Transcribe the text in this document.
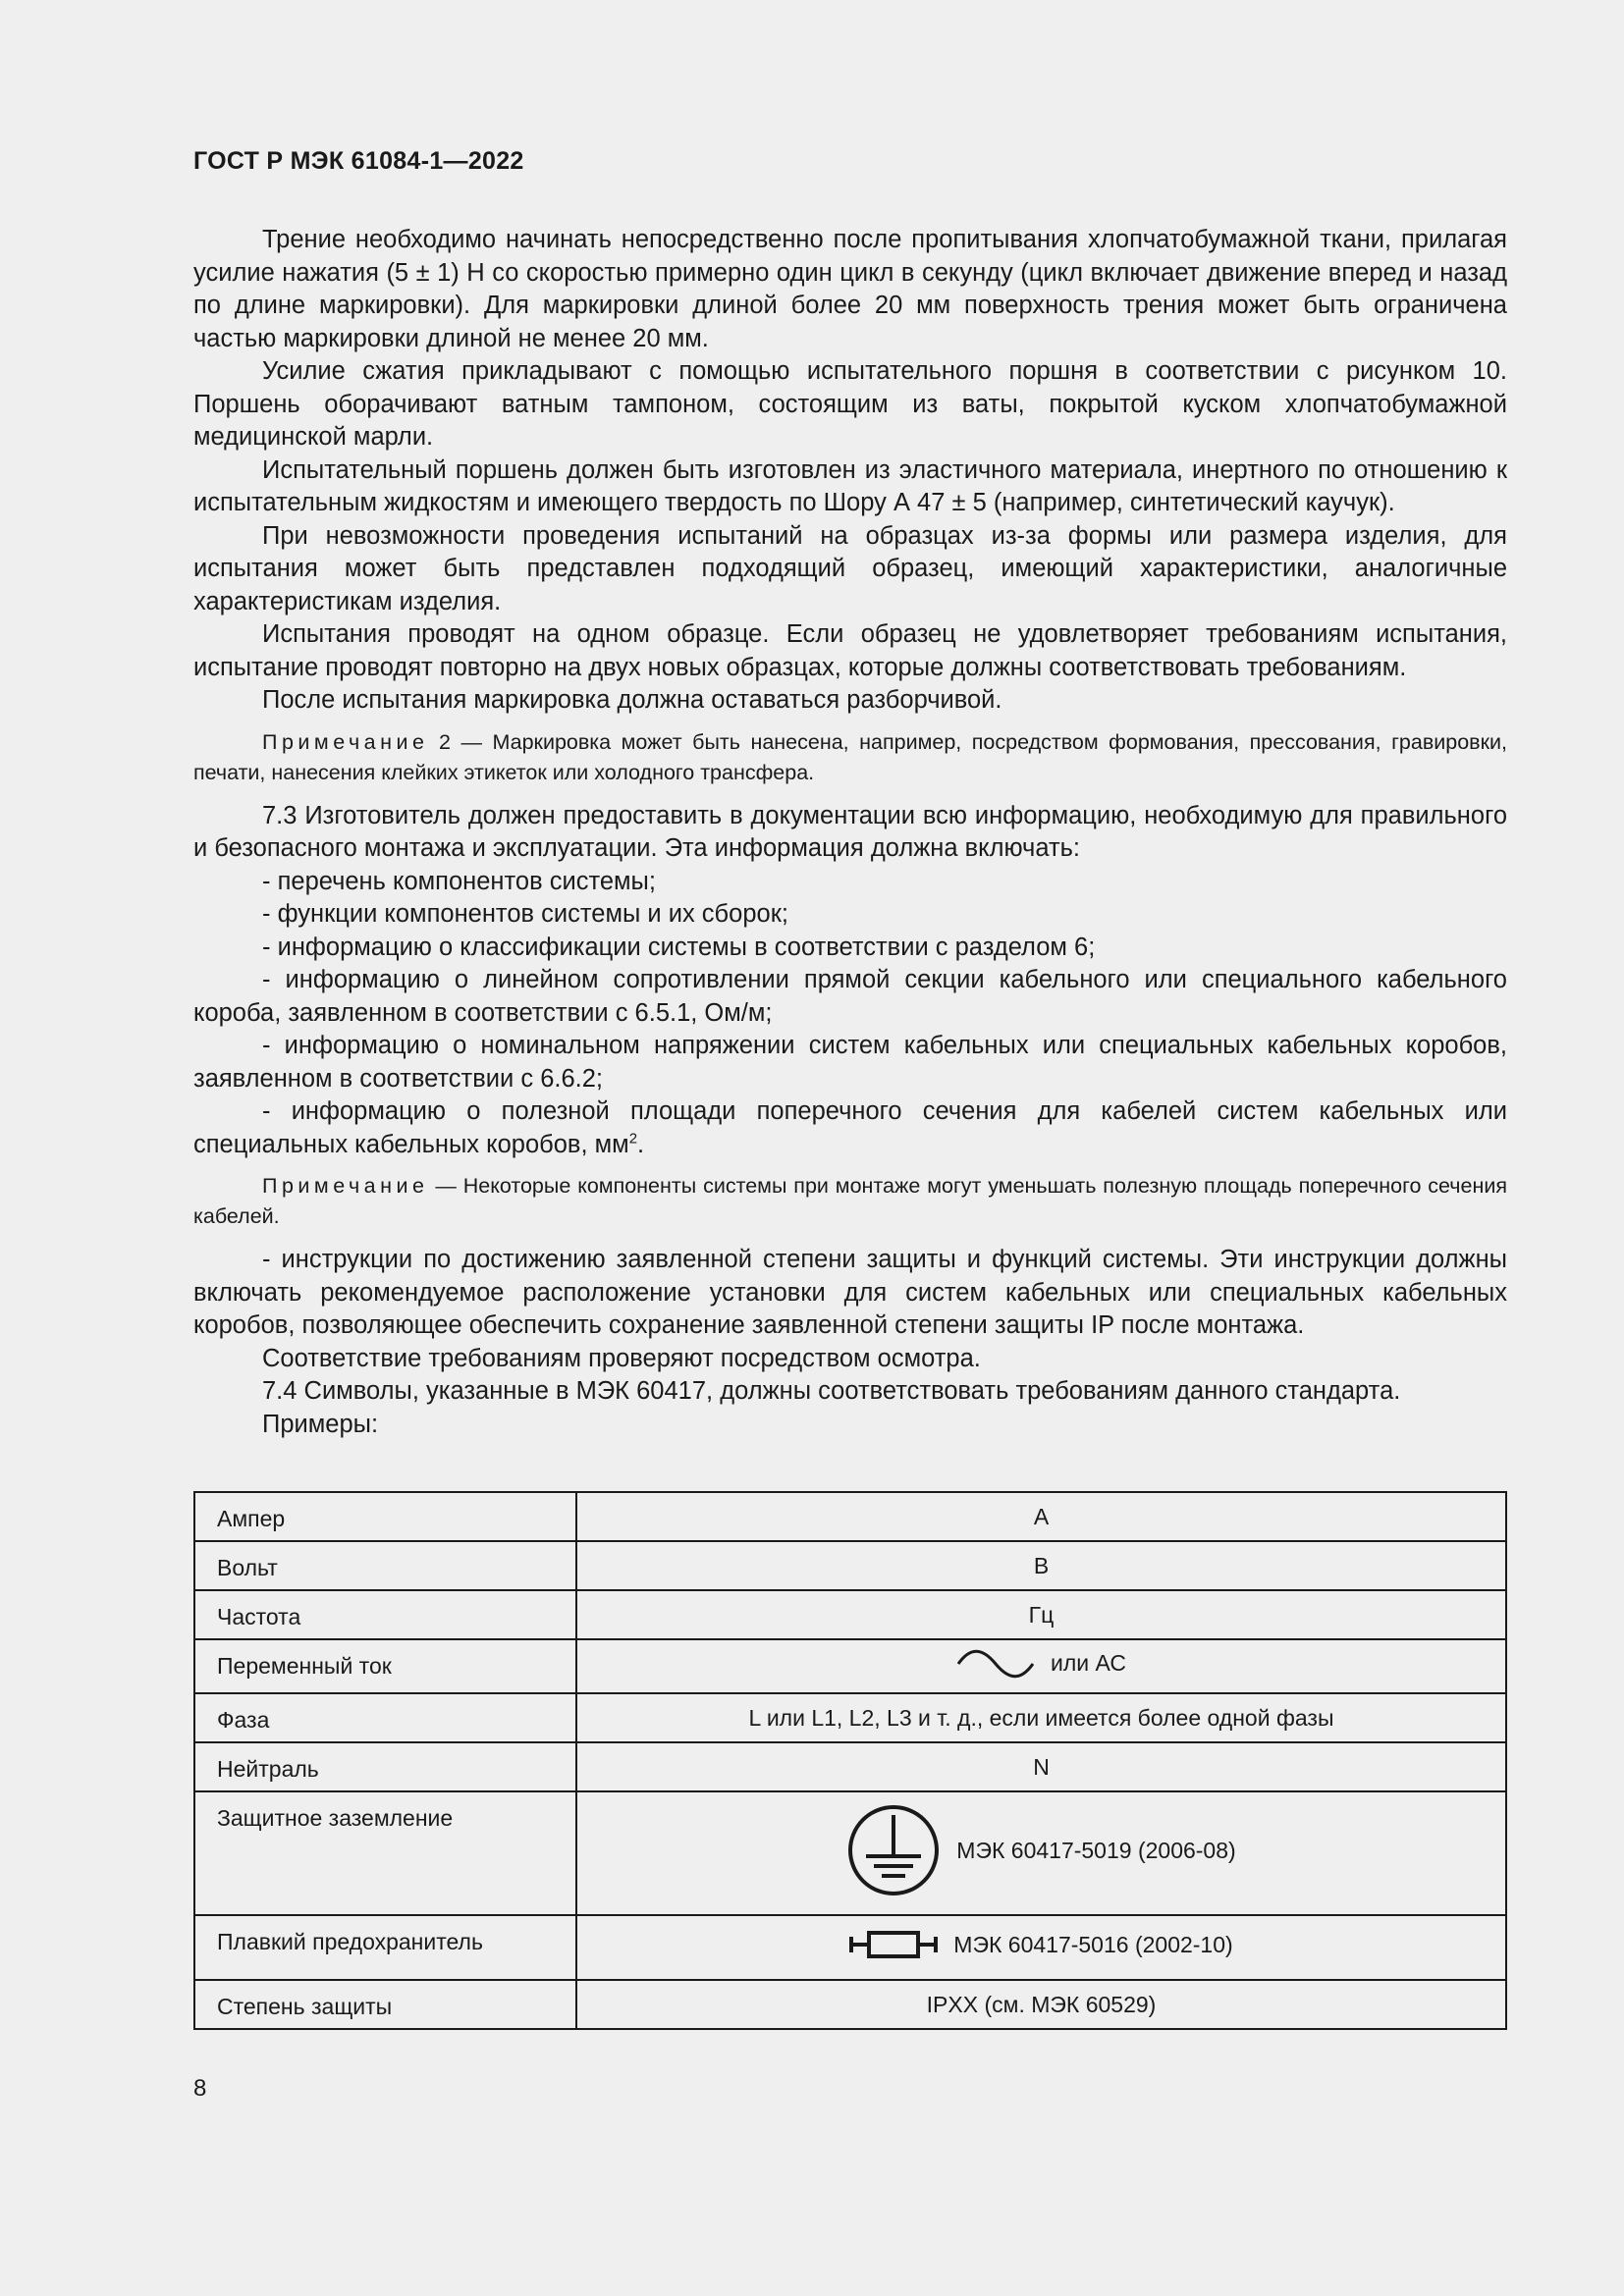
ГОСТ Р МЭК 61084-1—2022

Трение необходимо начинать непосредственно после пропитывания хлопчатобумажной ткани, прилагая усилие нажатия (5 ± 1) Н со скоростью примерно один цикл в секунду (цикл включает движение вперед и назад по длине маркировки). Для маркировки длиной более 20 мм поверхность трения может быть ограничена частью маркировки длиной не менее 20 мм.

Усилие сжатия прикладывают с помощью испытательного поршня в соответствии с рисунком 10. Поршень оборачивают ватным тампоном, состоящим из ваты, покрытой куском хлопчатобумажной медицинской марли.

Испытательный поршень должен быть изготовлен из эластичного материала, инертного по отношению к испытательным жидкостям и имеющего твердость по Шору А 47 ± 5 (например, синтетический каучук).

При невозможности проведения испытаний на образцах из-за формы или размера изделия, для испытания может быть представлен подходящий образец, имеющий характеристики, аналогичные характеристикам изделия.

Испытания проводят на одном образце. Если образец не удовлетворяет требованиям испытания, испытание проводят повторно на двух новых образцах, которые должны соответствовать требованиям.

После испытания маркировка должна оставаться разборчивой.

Примечание 2 — Маркировка может быть нанесена, например, посредством формования, прессования, гравировки, печати, нанесения клейких этикеток или холодного трансфера.

7.3 Изготовитель должен предоставить в документации всю информацию, необходимую для правильного и безопасного монтажа и эксплуатации. Эта информация должна включать:

- перечень компонентов системы;

- функции компонентов системы и их сборок;

- информацию о классификации системы в соответствии с разделом 6;

- информацию о линейном сопротивлении прямой секции кабельного или специального кабельного короба, заявленном в соответствии с 6.5.1, Ом/м;

- информацию о номинальном напряжении систем кабельных или специальных кабельных коробов, заявленном в соответствии с 6.6.2;

- информацию о полезной площади поперечного сечения для кабелей систем кабельных или специальных кабельных коробов, $мм^2$.

Примечание — Некоторые компоненты системы при монтаже могут уменьшать полезную площадь поперечного сечения кабелей.

- инструкции по достижению заявленной степени защиты и функций системы. Эти инструкции должны включать рекомендуемое расположение установки для систем кабельных или специальных кабельных коробов, позволяющее обеспечить сохранение заявленной степени защиты IP после монтажа.

Соответствие требованиям проверяют посредством осмотра.

7.4 Символы, указанные в МЭК 60417, должны соответствовать требованиям данного стандарта.

Примеры:

Ампер	А
Вольт	В
Частота	Гц
Переменный ток	или АС

Фаза	L или L1, L2, L3 и т. д., если имеется более одной фазы
Нейтраль	N
Защитное заземление	МЭК 60417-5019 (2006-08)

Плавкий предохранитель	МЭК 60417-5016 (2002-10)

Степень защиты	IPXX (см. МЭК 60529)
8
